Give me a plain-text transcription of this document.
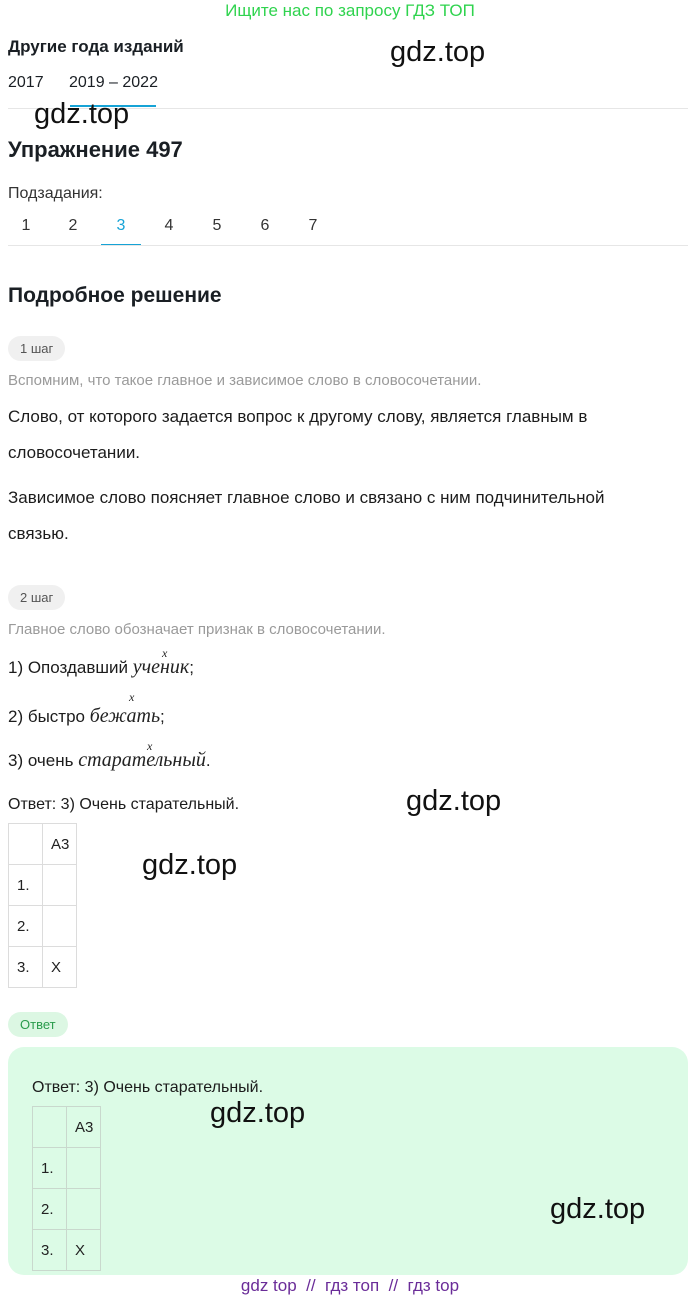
Ищите нас по запросу ГДЗ ТОП
Другие года изданий
2017 2019 – 2022
gdz.top
gdz.top
Упражнение 497
Подзадания:
1	2	3	4	5	6	7
Подробное решение
1 шаг
Вспомним, что такое главное и зависимое слово в словосочетании.
Слово, от которого задается вопрос к другому слову, является главным в
словосочетании.
Зависимое слово поясняет главное слово и связано с ним подчинительной
связью.
2 шаг
Главное слово обозначает признак в словосочетании.
1) Опоздавший ученик;
x
2) быстро бежать;
x
3) очень старательный.
x
Ответ: 3) Очень старательный.	gdz.top
gdz.top
	А3
1.	
2.	
3.	Х
Ответ
Ответ: 3) Очень старательный.
gdz.top
gdz.top
	А3
1.	
2.	
3.	Х
gdz top // гдз топ // гдз top
